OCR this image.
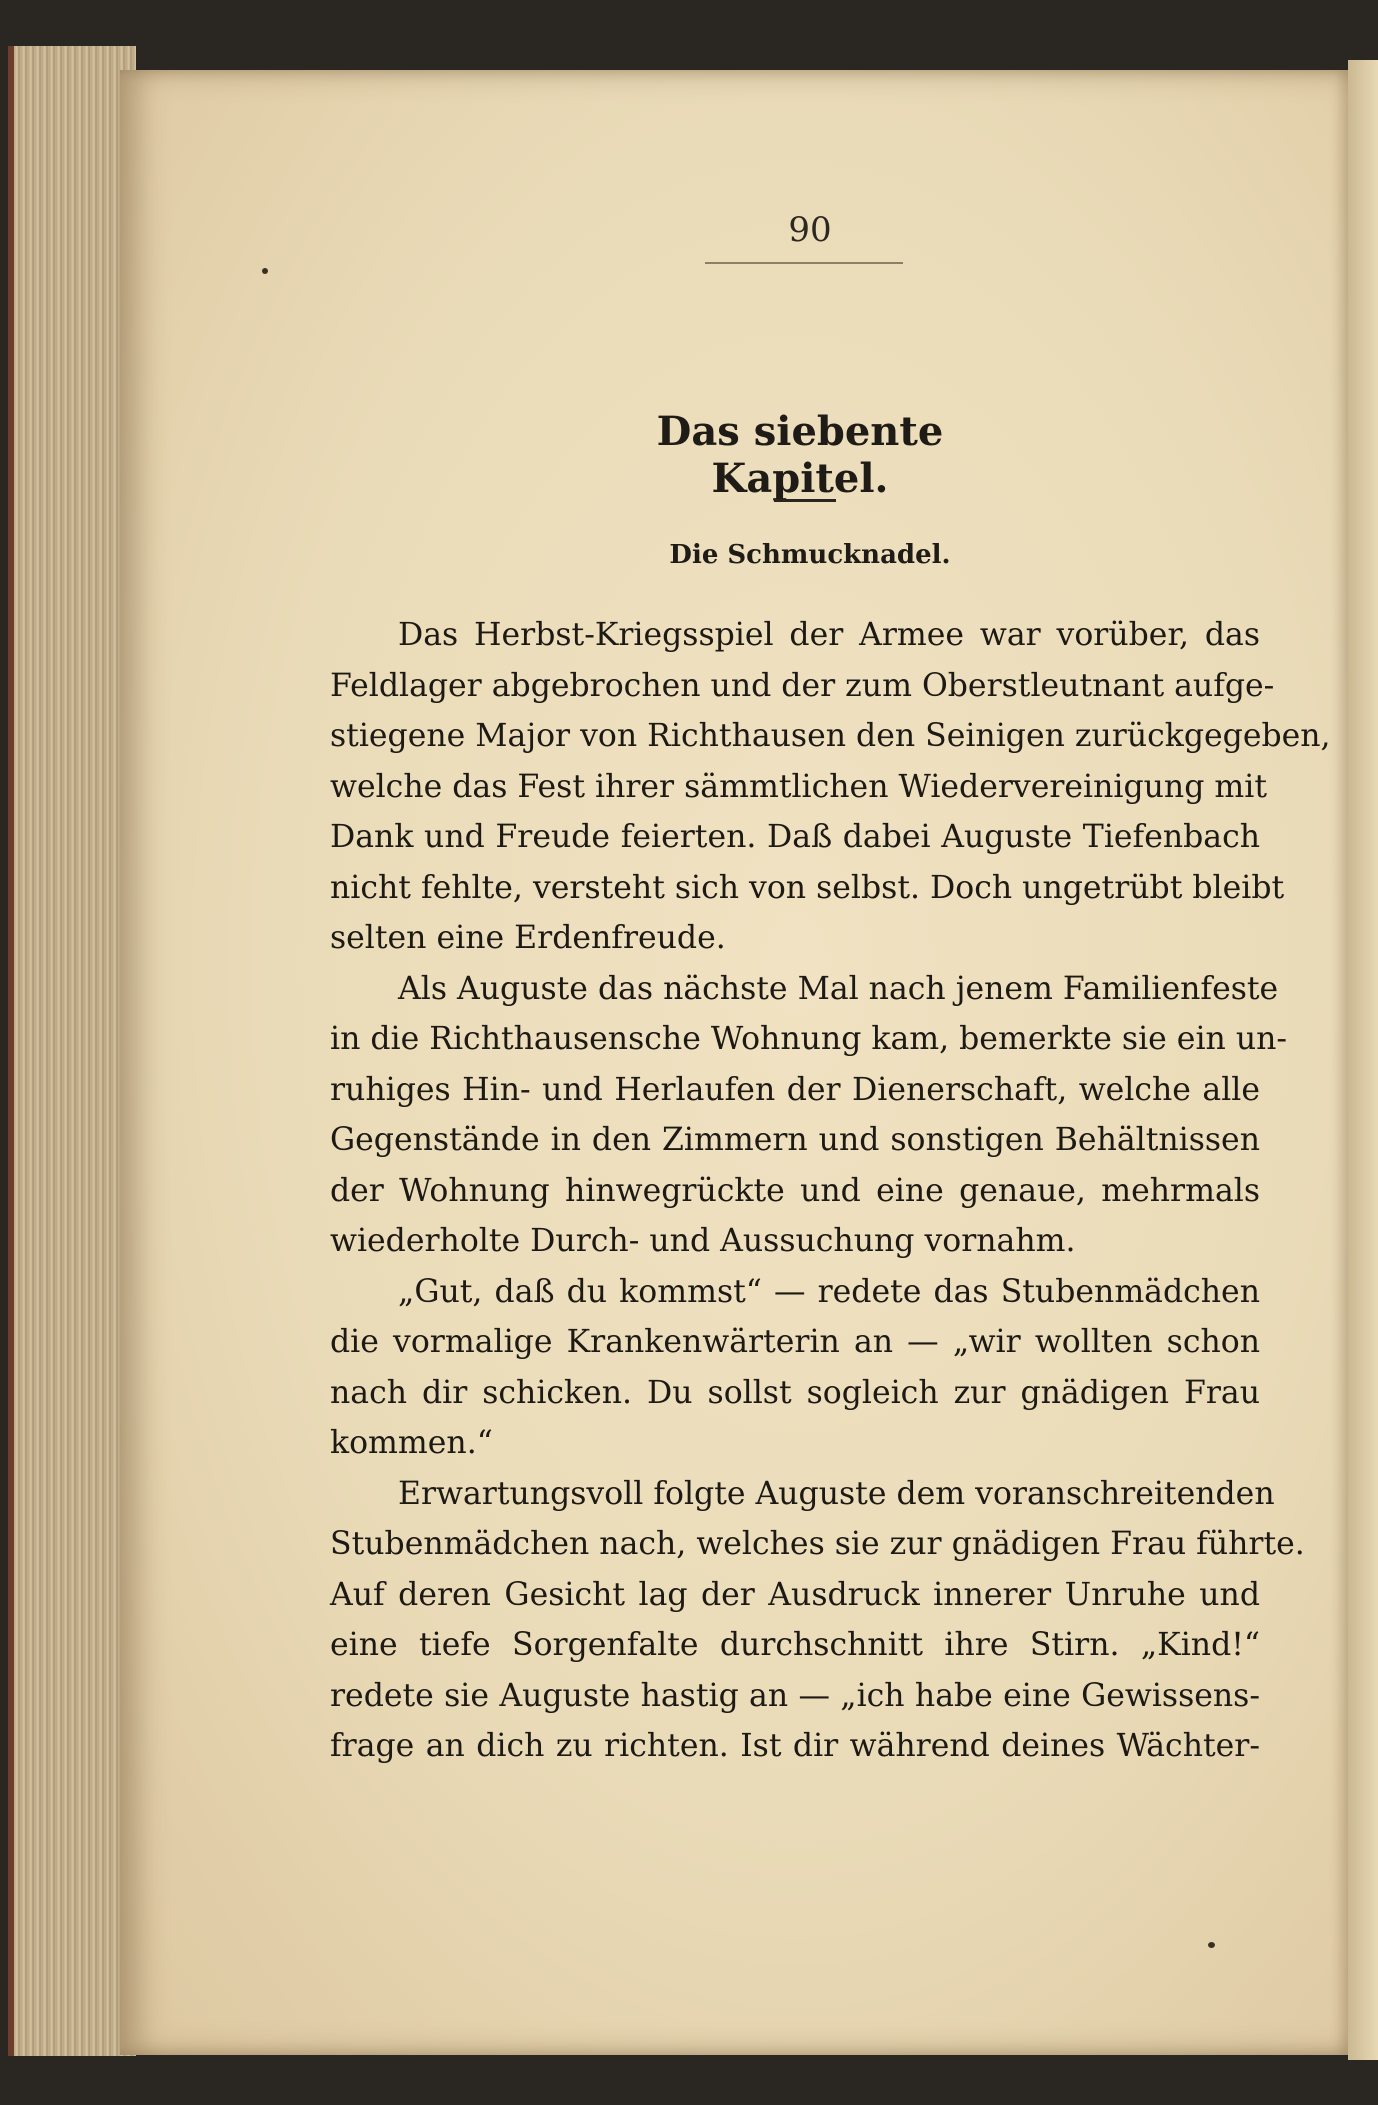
90
Das siebente Kapitel.
Die Schmucknadel.
Das Herbst-Kriegsspiel der Armee war vorüber, das
Feldlager abgebrochen und der zum Oberstleutnant aufge-
stiegene Major von Richthausen den Seinigen zurückgegeben,
welche das Fest ihrer sämmtlichen Wiedervereinigung mit
Dank und Freude feierten. Daß dabei Auguste Tiefenbach
nicht fehlte, versteht sich von selbst. Doch ungetrübt bleibt
selten eine Erdenfreude.
Als Auguste das nächste Mal nach jenem Familienfeste
in die Richthausensche Wohnung kam, bemerkte sie ein un-
ruhiges Hin- und Herlaufen der Dienerschaft, welche alle
Gegenstände in den Zimmern und sonstigen Behältnissen
der Wohnung hinwegrückte und eine genaue, mehrmals
wiederholte Durch- und Aussuchung vornahm.
„Gut, daß du kommst“ — redete das Stubenmädchen
die vormalige Krankenwärterin an — „wir wollten schon
nach dir schicken. Du sollst sogleich zur gnädigen Frau
kommen.“
Erwartungsvoll folgte Auguste dem voranschreitenden
Stubenmädchen nach, welches sie zur gnädigen Frau führte.
Auf deren Gesicht lag der Ausdruck innerer Unruhe und
eine tiefe Sorgenfalte durchschnitt ihre Stirn. „Kind!“
redete sie Auguste hastig an — „ich habe eine Gewissens-
frage an dich zu richten. Ist dir während deines Wächter-
